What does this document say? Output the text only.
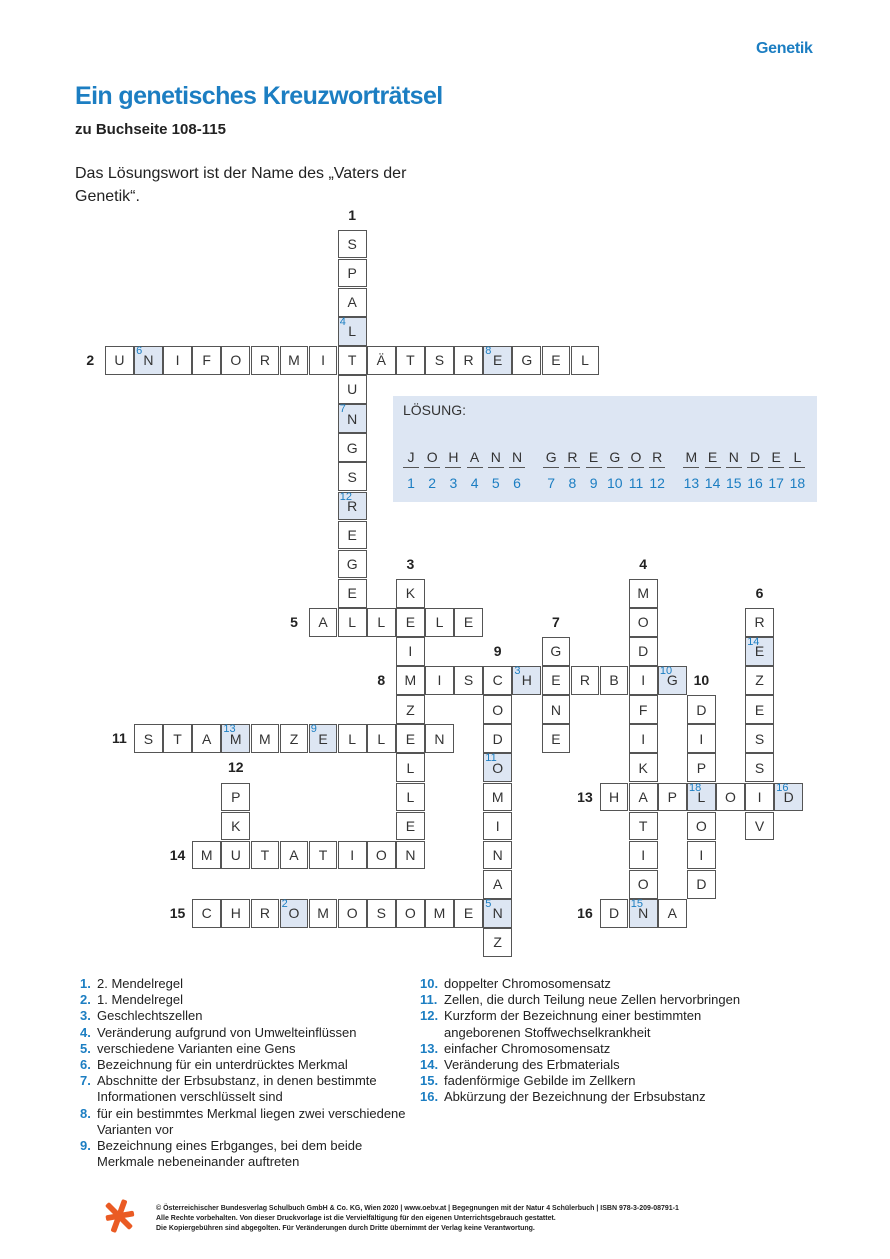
Genetik
Ein genetisches Kreuzworträtsel
zu Buchseite 108-115
Das Lösungswort ist der Name des „Vaters der Genetik“.
S
P
A
L
4
T
U
N
7
G
S
R
12
E
G
E
L
1
U N
6
I F O R M I	Ä T S R E
8
G E L
2
K
E
I
M
Z
E
L
L
E
3
M
O
D
I
F
I
K
A
T
I
O
N
15
4
A	L	L E
5	R
E
14
Z
E
S
S
I
V
6
G
E
N
E
7
I S C H
3
R B	G
10
8
O
D
O
11
M
I
N
A
N
5
Z
9
D
I
P
L
18
O
I
D
10
S T A M
13
M Z E
9
L L	N
11
P
K
U
12
H	P	O	D
16
13
M	T A T I O N
14
C H R O
2
M O S O M E
15	D	A
16
LÖSUNG:
J
1
O
2
H
3
A
4
N
5
N
6
G
7
R
8
E
9
G
10
O
11
R
12
M
13
E
14
N
15
D
16
E
17
L
18
1. 2. Mendelregel
2. 1. Mendelregel
3. Geschlechtszellen
4. Veränderung aufgrund von Umwelteinflüssen
5. verschiedene Varianten eine Gens
6. Bezeichnung für ein unterdrücktes Merkmal
7. Abschnitte der Erbsubstanz, in denen bestimmte Informationen verschlüsselt sind
8. für ein bestimmtes Merkmal liegen zwei verschiedene Varianten vor
9. Bezeichnung eines Erbganges, bei dem beide Merkmale nebeneinander auftreten
10. doppelter Chromosomensatz
11. Zellen, die durch Teilung neue Zellen hervorbringen
12. Kurzform der Bezeichnung einer bestimmten angeborenen Stoffwechselkrankheit
13. einfacher Chromosomensatz
14. Veränderung des Erbmaterials
15. fadenförmige Gebilde im Zellkern
16. Abkürzung der Bezeichnung der Erbsubstanz
© Österreichischer Bundesverlag Schulbuch GmbH & Co. KG, Wien 2020 | www.oebv.at | Begegnungen mit der Natur 4 Schülerbuch | ISBN 978-3-209-08791-1
Alle Rechte vorbehalten. Von dieser Druckvorlage ist die Vervielfältigung für den eigenen Unterrichtsgebrauch gestattet.
Die Kopiergebühren sind abgegolten. Für Veränderungen durch Dritte übernimmt der Verlag keine Verantwortung.
